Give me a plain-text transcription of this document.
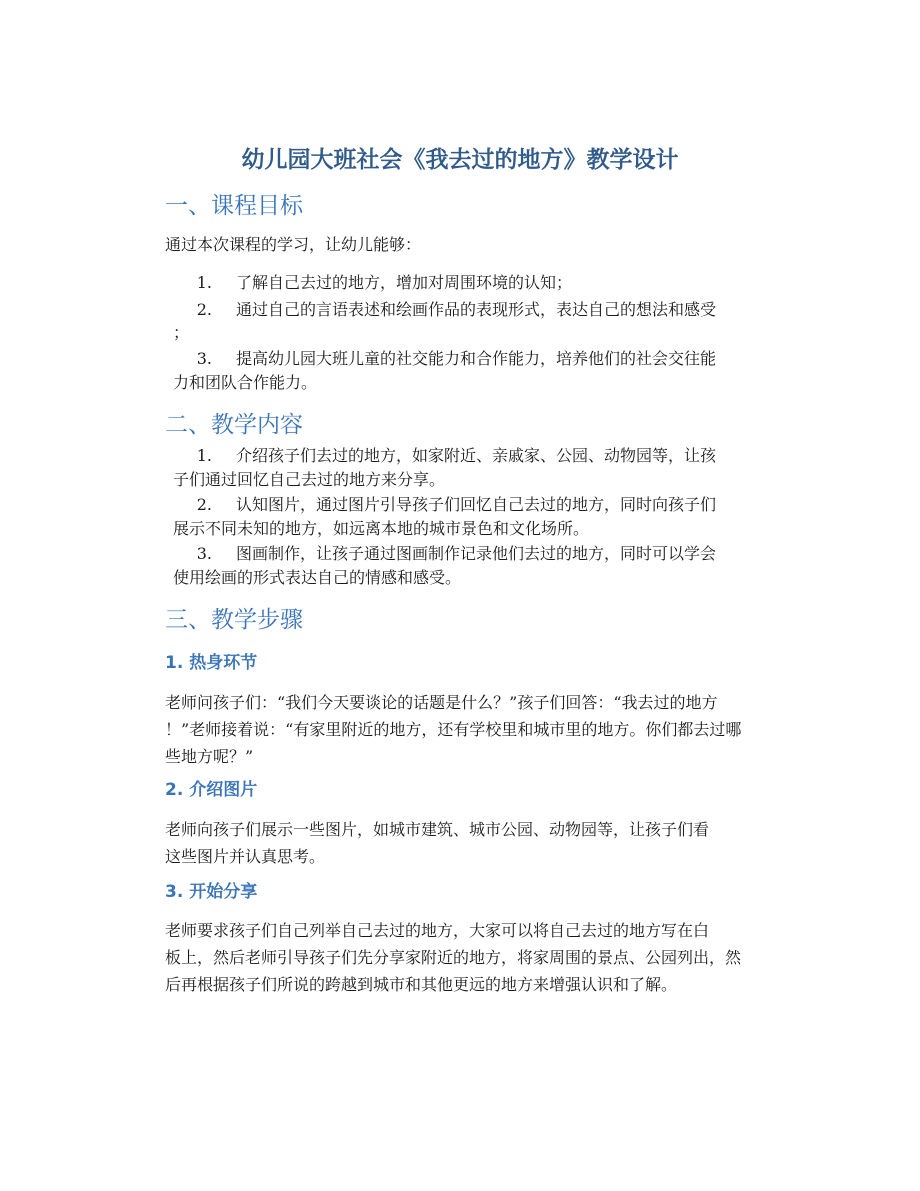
幼儿园大班社会《我去过的地方》教学设计
一、课程目标

通过本次课程的学习，让幼儿能够：

1. 了解自己去过的地方，增加对周围环境的认知；

2. 通过自己的言语表述和绘画作品的表现形式，表达自己的想法和感受

；

3. 提高幼儿园大班儿童的社交能力和合作能力，培养他们的社会交往能

力和团队合作能力。

二、教学内容

1. 介绍孩子们去过的地方，如家附近、亲戚家、公园、动物园等，让孩

子们通过回忆自己去过的地方来分享。

2. 认知图片，通过图片引导孩子们回忆自己去过的地方，同时向孩子们

展示不同未知的地方，如远离本地的城市景色和文化场所。

3. 图画制作，让孩子通过图画制作记录他们去过的地方，同时可以学会

使用绘画的形式表达自己的情感和感受。

三、教学步骤
1. 热身环节

老师问孩子们：“我们今天要谈论的话题是什么？”孩子们回答：“我去过的地方
！”老师接着说：“有家里附近的地方，还有学校里和城市里的地方。你们都去过哪
些地方呢？”

2. 介绍图片

老师向孩子们展示一些图片，如城市建筑、城市公园、动物园等，让孩子们看
这些图片并认真思考。

3. 开始分享

老师要求孩子们自己列举自己去过的地方，大家可以将自己去过的地方写在白
板上，然后老师引导孩子们先分享家附近的地方，将家周围的景点、公园列出，然
后再根据孩子们所说的跨越到城市和其他更远的地方来增强认识和了解。
